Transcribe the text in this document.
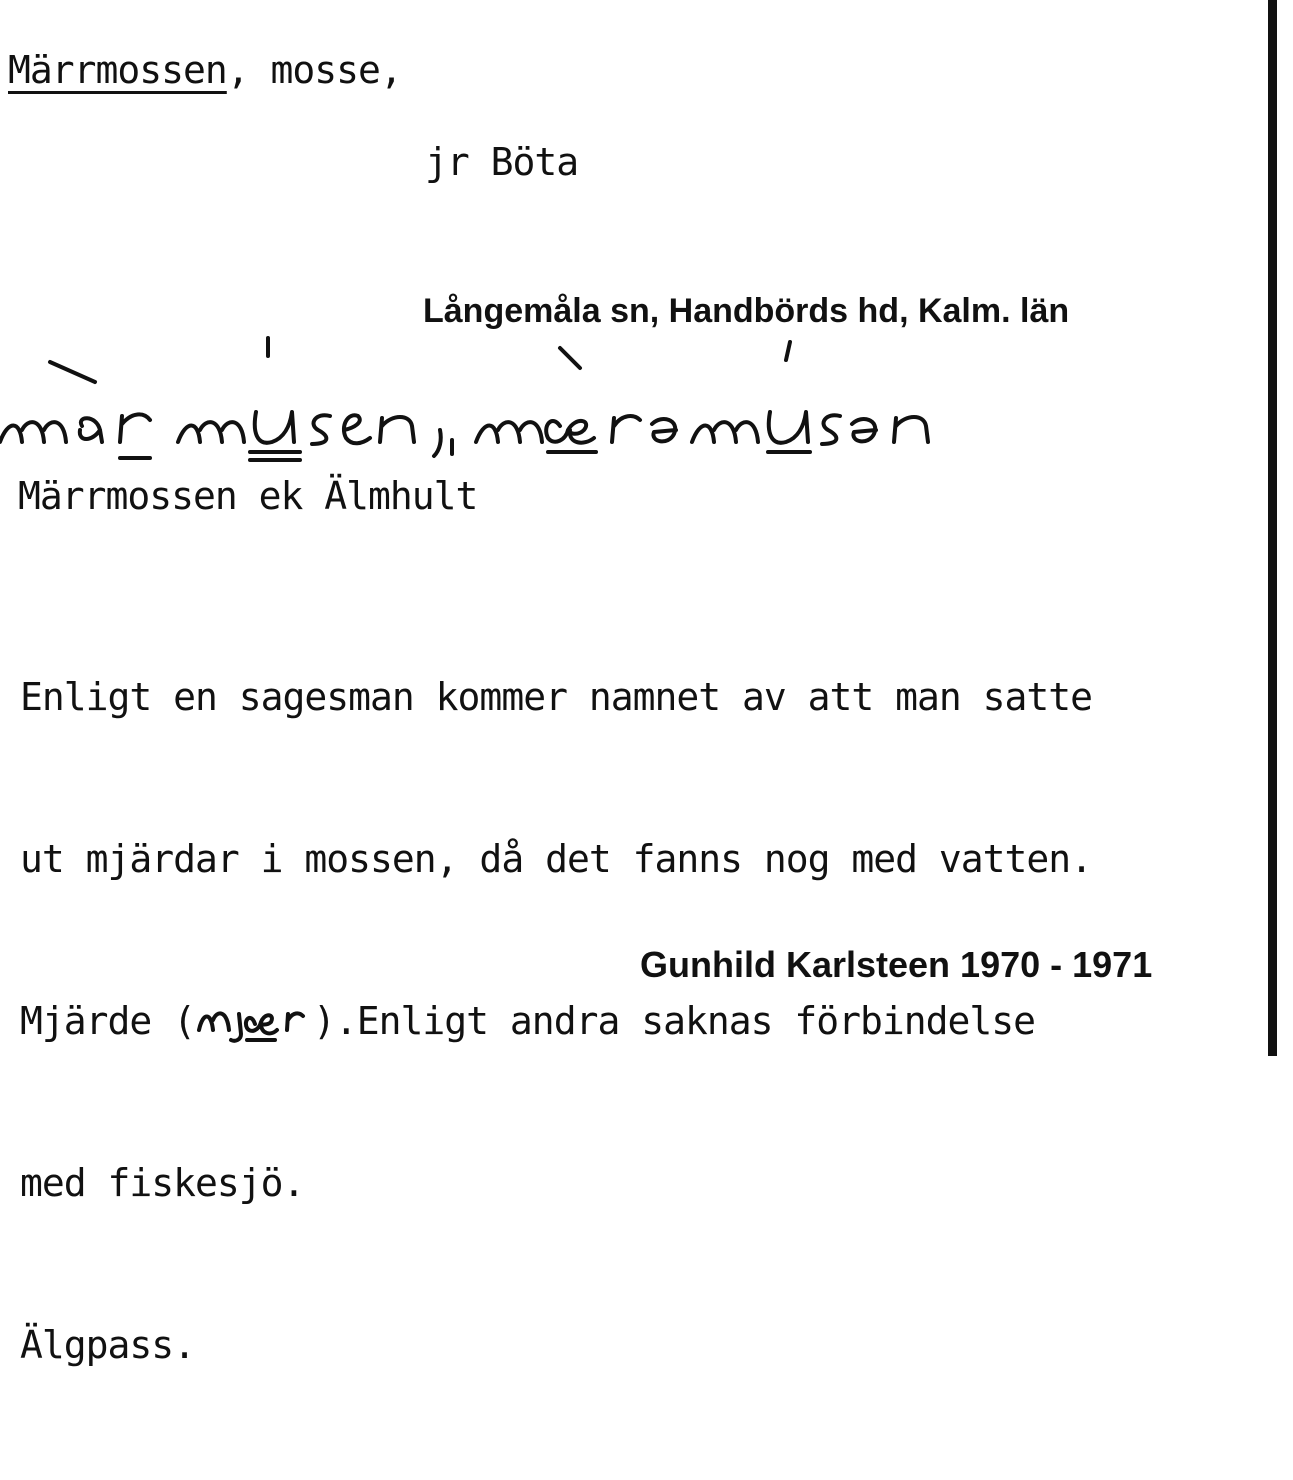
Märrmossen, mosse,
jr Böta
Långemåla sn, Handbörds hd, Kalm. län
Märrmossen ek Älmhult

Enligt en sagesman kommer namnet av att man satte

ut mjärdar i mossen, då det fanns nog med vatten.

Mjärde (	).Enligt andra saknas förbindelse

med fiskesjö.

Älgpass.

Gunhild Karlsteen 1970 - 1971
